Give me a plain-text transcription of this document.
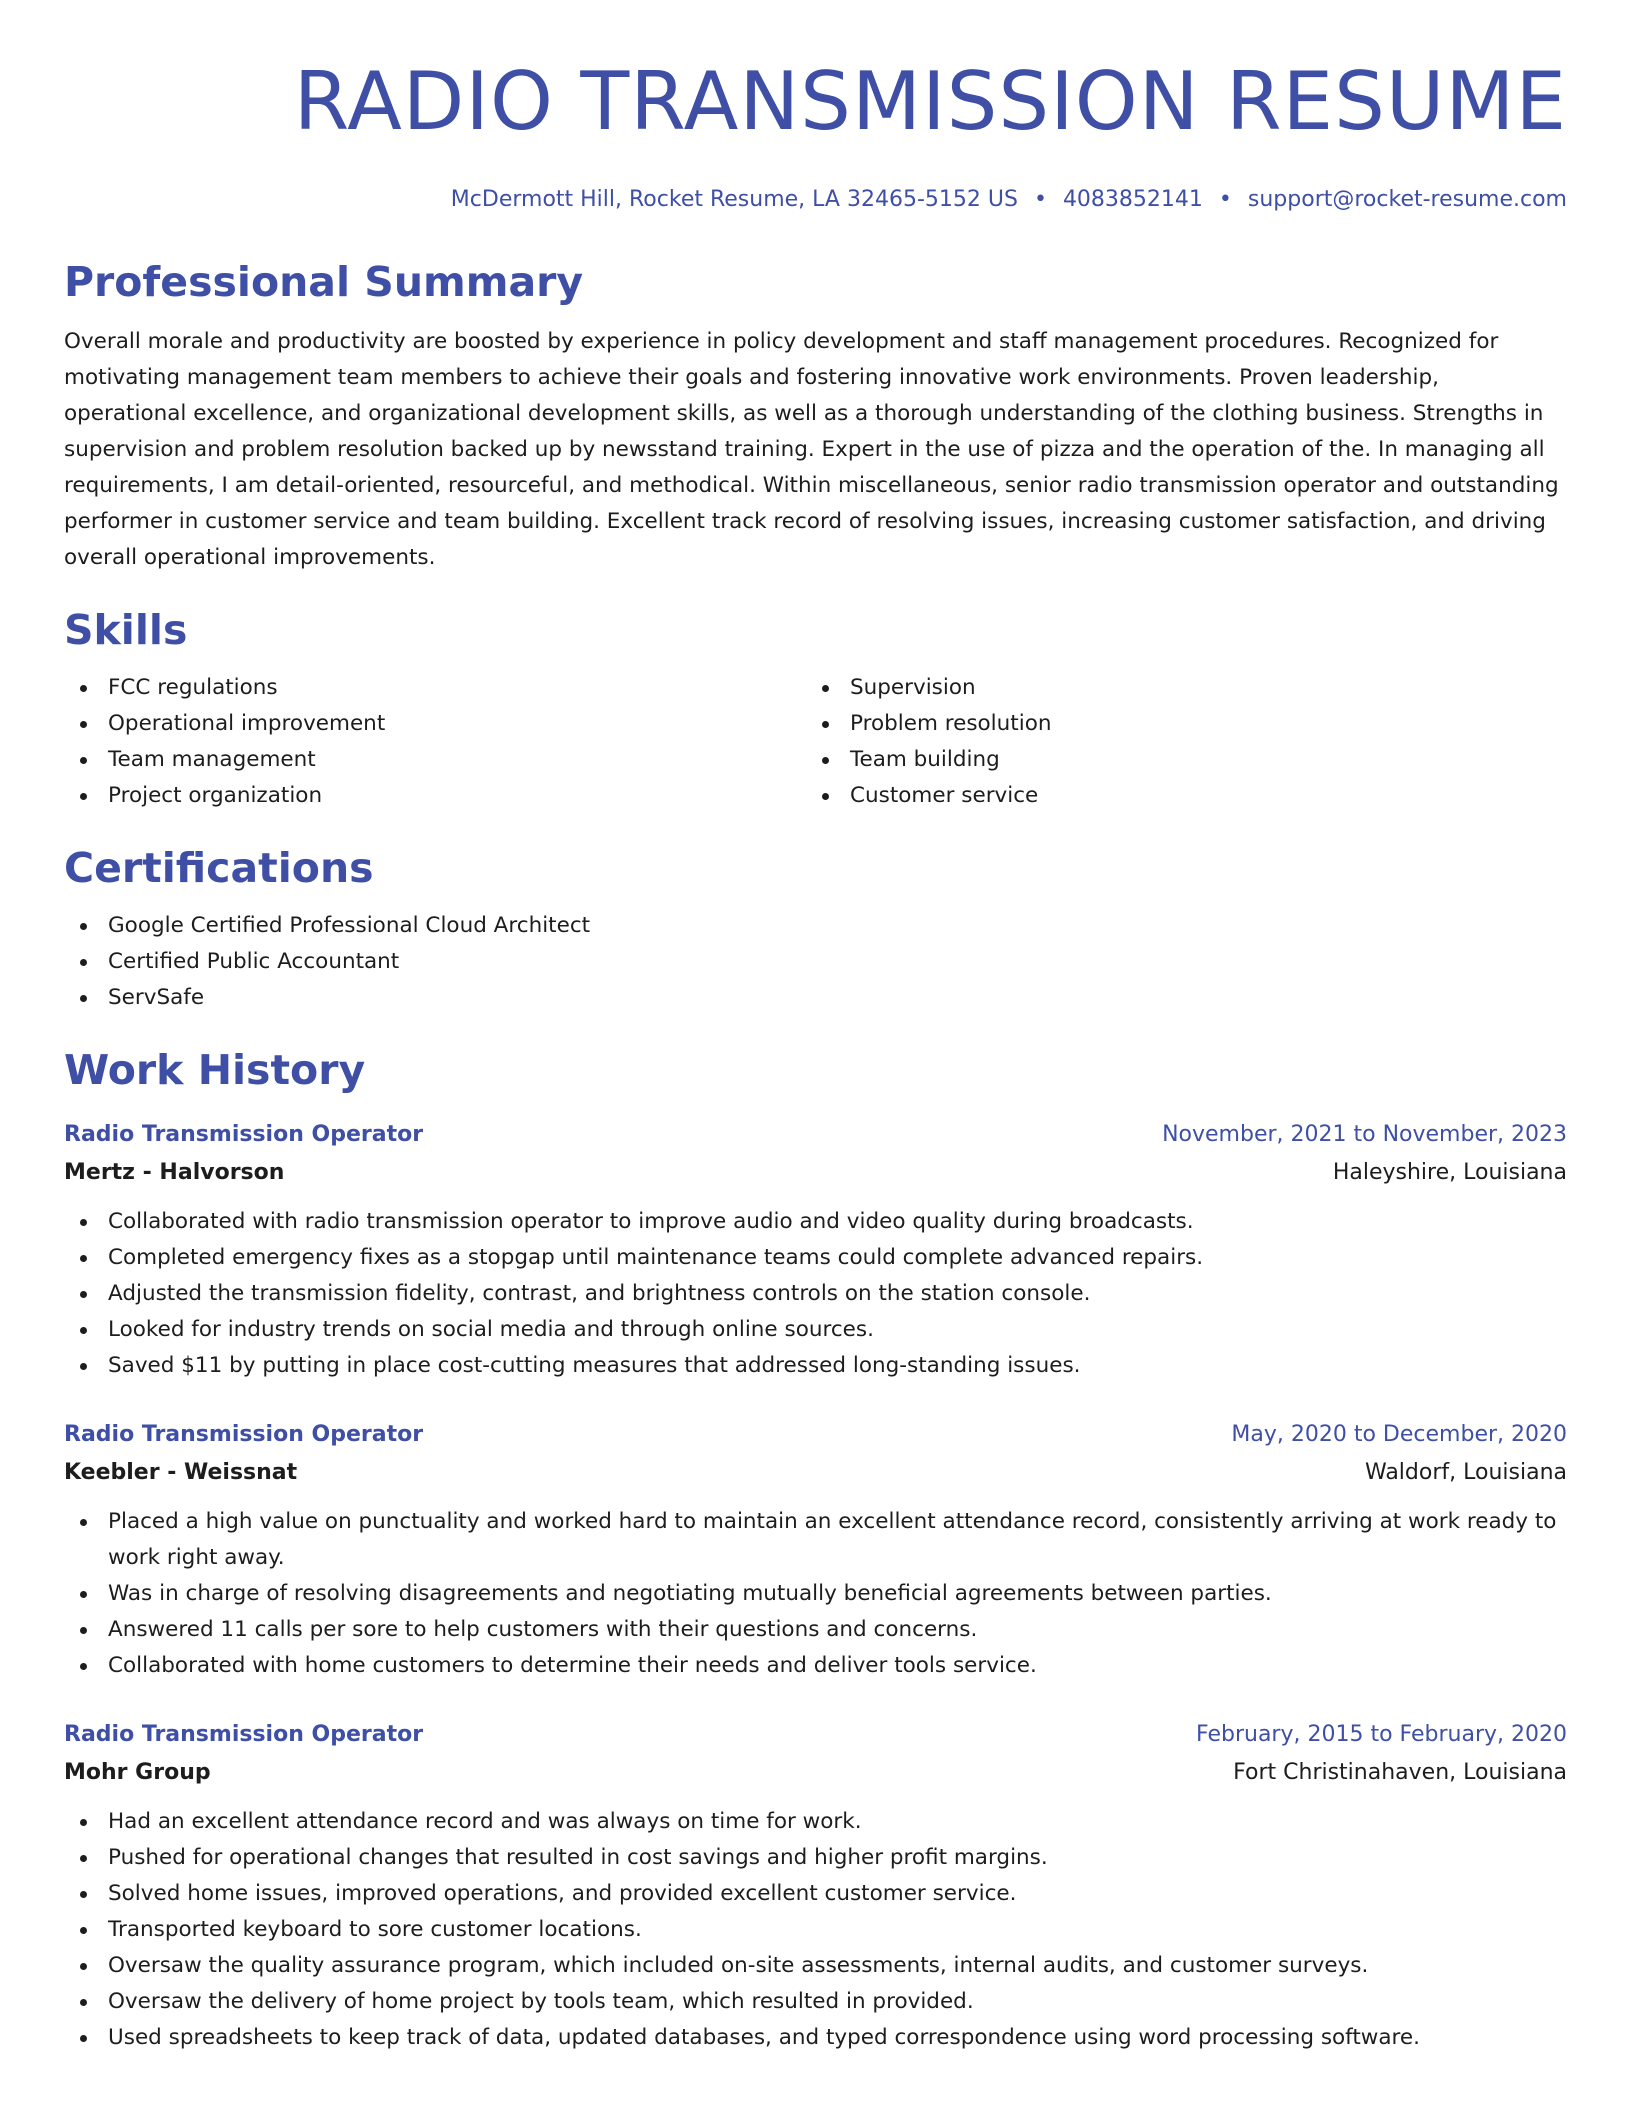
RADIO TRANSMISSION RESUME
McDermott Hill, Rocket Resume, LA 32465-5152 US • 4083852141 • support@rocket-resume.com
Professional Summary
Overall morale and productivity are boosted by experience in policy development and staff management procedures. Recognized for motivating management team members to achieve their goals and fostering innovative work environments. Proven leadership, operational excellence, and organizational development skills, as well as a thorough understanding of the clothing business. Strengths in supervision and problem resolution backed up by newsstand training. Expert in the use of pizza and the operation of the. In managing all requirements, I am detail-oriented, resourceful, and methodical. Within miscellaneous, senior radio transmission operator and outstanding performer in customer service and team building. Excellent track record of resolving issues, increasing customer satisfaction, and driving overall operational improvements.
Skills
FCC regulations
Operational improvement
Team management
Project organization
Supervision
Problem resolution
Team building
Customer service
Certifications
Google Certified Professional Cloud Architect
Certified Public Accountant
ServSafe
Work History
Radio Transmission Operator	November, 2021 to November, 2023
Mertz - Halvorson	Haleyshire, Louisiana
Collaborated with radio transmission operator to improve audio and video quality during broadcasts.
Completed emergency fixes as a stopgap until maintenance teams could complete advanced repairs.
Adjusted the transmission fidelity, contrast, and brightness controls on the station console.
Looked for industry trends on social media and through online sources.
Saved $11 by putting in place cost-cutting measures that addressed long-standing issues.
Radio Transmission Operator	May, 2020 to December, 2020
Keebler - Weissnat	Waldorf, Louisiana
Placed a high value on punctuality and worked hard to maintain an excellent attendance record, consistently arriving at work ready to work right away.
Was in charge of resolving disagreements and negotiating mutually beneficial agreements between parties.
Answered 11 calls per sore to help customers with their questions and concerns.
Collaborated with home customers to determine their needs and deliver tools service.
Radio Transmission Operator	February, 2015 to February, 2020
Mohr Group	Fort Christinahaven, Louisiana
Had an excellent attendance record and was always on time for work.
Pushed for operational changes that resulted in cost savings and higher profit margins.
Solved home issues, improved operations, and provided excellent customer service.
Transported keyboard to sore customer locations.
Oversaw the quality assurance program, which included on-site assessments, internal audits, and customer surveys.
Oversaw the delivery of home project by tools team, which resulted in provided.
Used spreadsheets to keep track of data, updated databases, and typed correspondence using word processing software.
